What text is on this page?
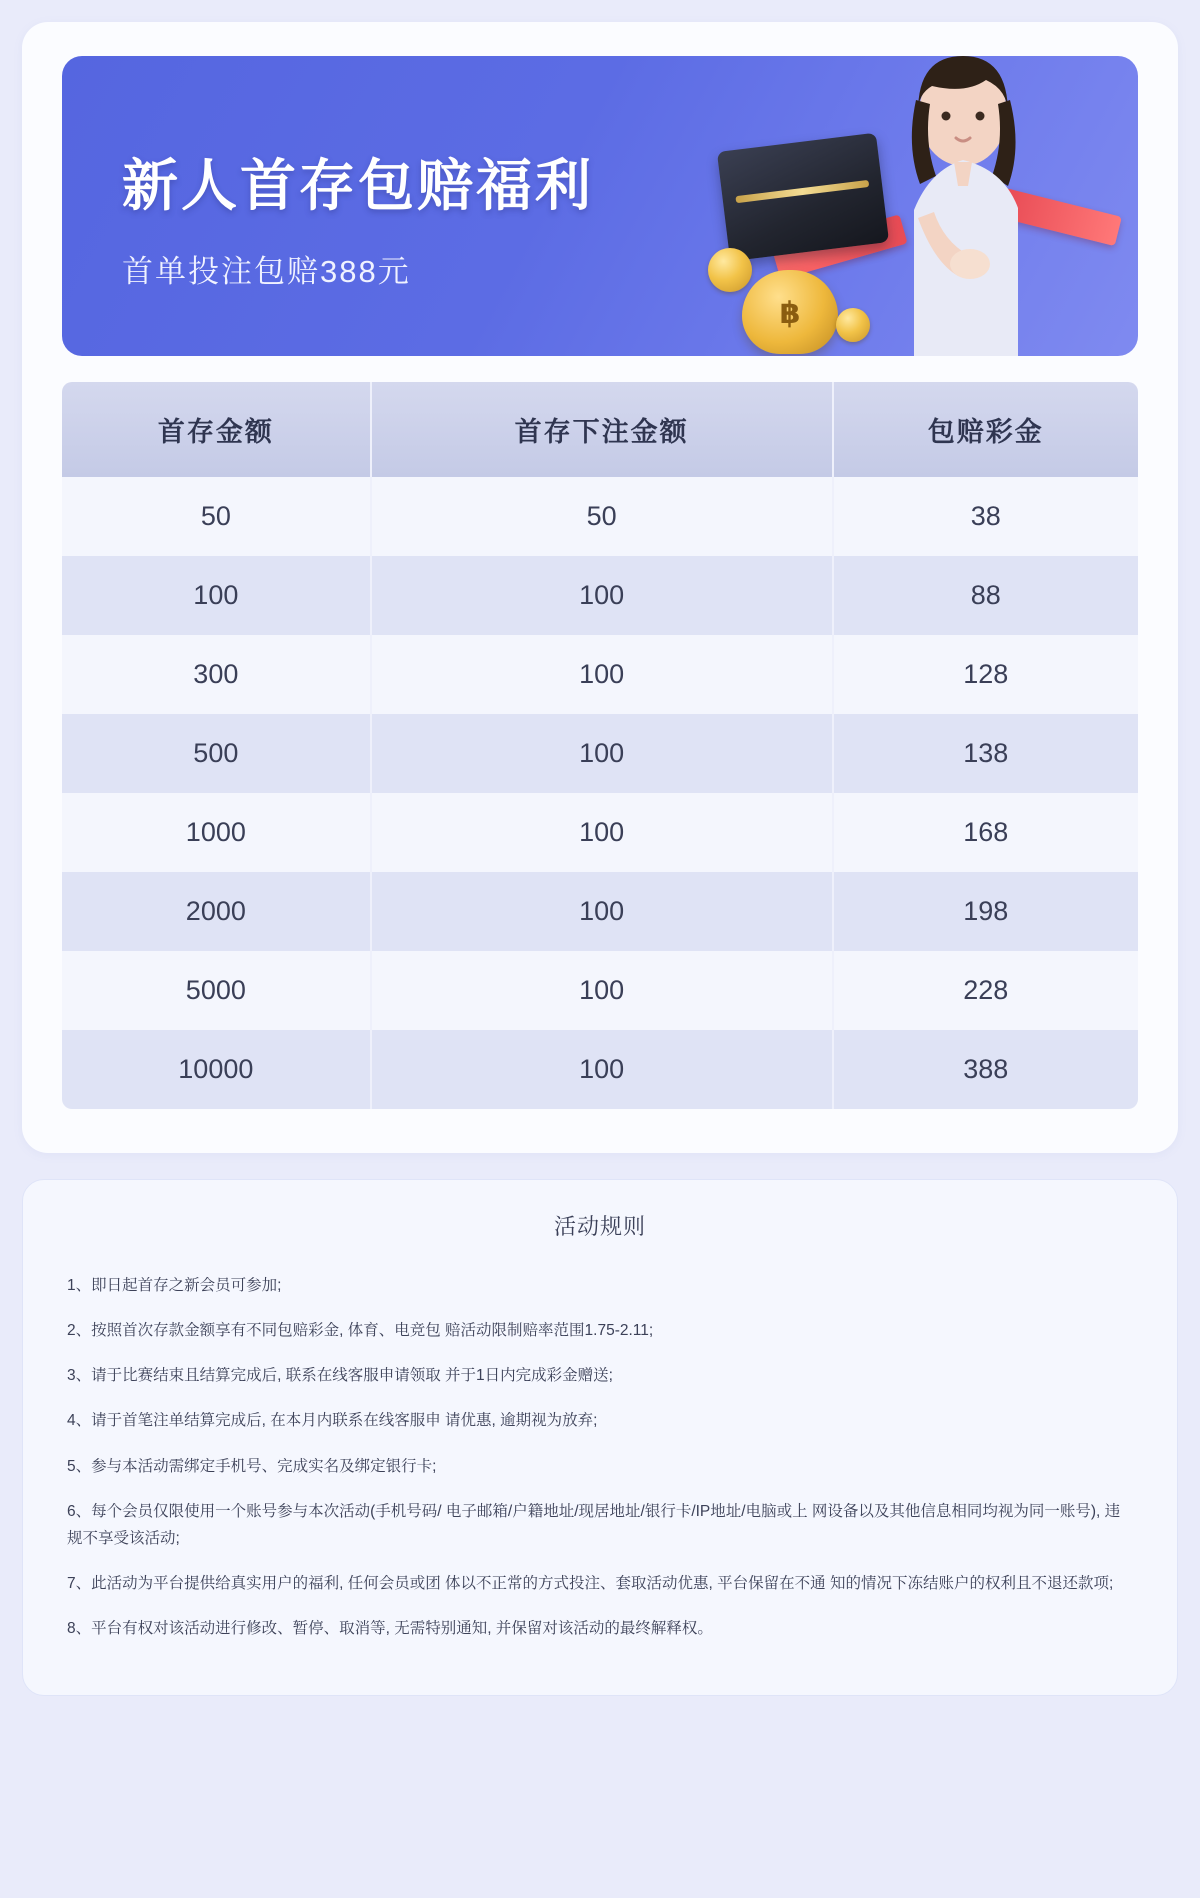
新人首存包赔福利
首单投注包赔388元
฿
首存金额	首存下注金额	包赔彩金
50	50	38
100	100	88
300	100	128
500	100	138
1000	100	168
2000	100	198
5000	100	228
10000	100	388
活动规则
1、即日起首存之新会员可参加;
2、按照首次存款金额享有不同包赔彩金, 体育、电竞包 赔活动限制赔率范围1.75-2.11;
3、请于比赛结束且结算完成后, 联系在线客服申请领取 并于1日内完成彩金赠送;
4、请于首笔注单结算完成后, 在本月内联系在线客服申 请优惠, 逾期视为放弃;
5、参与本活动需绑定手机号、完成实名及绑定银行卡;
6、每个会员仅限使用一个账号参与本次活动(手机号码/ 电子邮箱/户籍地址/现居地址/银行卡/IP地址/电脑或上 网设备以及其他信息相同均视为同一账号), 违规不享受该活动;
7、此活动为平台提供给真实用户的福利, 任何会员或团 体以不正常的方式投注、套取活动优惠, 平台保留在不通 知的情况下冻结账户的权利且不退还款项;
8、平台有权对该活动进行修改、暂停、取消等, 无需特别通知, 并保留对该活动的最终解释权。
